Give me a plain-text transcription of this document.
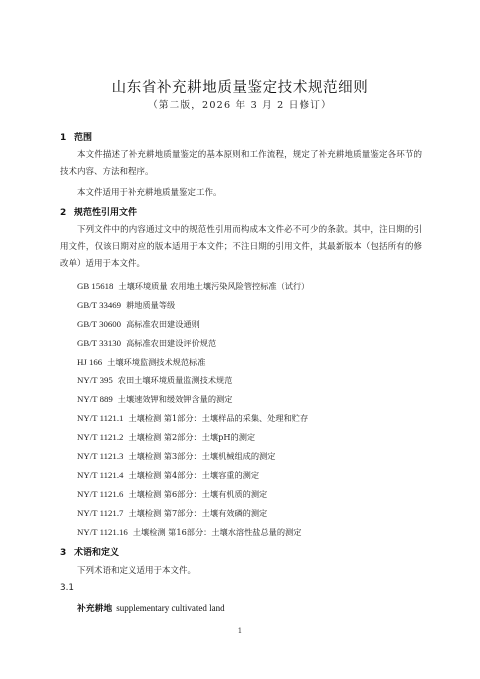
山东省补充耕地质量鉴定技术规范细则
（第二版，2026 年 3 月 2 日修订）
1 范围
本文件描述了补充耕地质量鉴定的基本原则和工作流程，规定了补充耕地质量鉴定各环节的技术内容、方法和程序。
本文件适用于补充耕地质量鉴定工作。
2 规范性引用文件
下列文件中的内容通过文中的规范性引用而构成本文件必不可少的条款。其中，注日期的引用文件，仅该日期对应的版本适用于本文件；不注日期的引用文件，其最新版本（包括所有的修改单）适用于本文件。
GB 15618 土壤环境质量 农用地土壤污染风险管控标准（试行）
GB/T 33469 耕地质量等级
GB/T 30600 高标准农田建设通则
GB/T 33130 高标准农田建设评价规范
HJ 166 土壤环境监测技术规范标准
NY/T 395 农田土壤环境质量监测技术规范
NY/T 889 土壤速效钾和缓效钾含量的测定
NY/T 1121.1 土壤检测 第1部分：土壤样品的采集、处理和贮存
NY/T 1121.2 土壤检测 第2部分：土壤pH的测定
NY/T 1121.3 土壤检测 第3部分：土壤机械组成的测定
NY/T 1121.4 土壤检测 第4部分：土壤容重的测定
NY/T 1121.6 土壤检测 第6部分：土壤有机质的测定
NY/T 1121.7 土壤检测 第7部分：土壤有效磷的测定
NY/T 1121.16 土壤检测 第16部分：土壤水溶性盐总量的测定
3 术语和定义
下列术语和定义适用于本文件。
3.1
补充耕地 supplementary cultivated land
1
